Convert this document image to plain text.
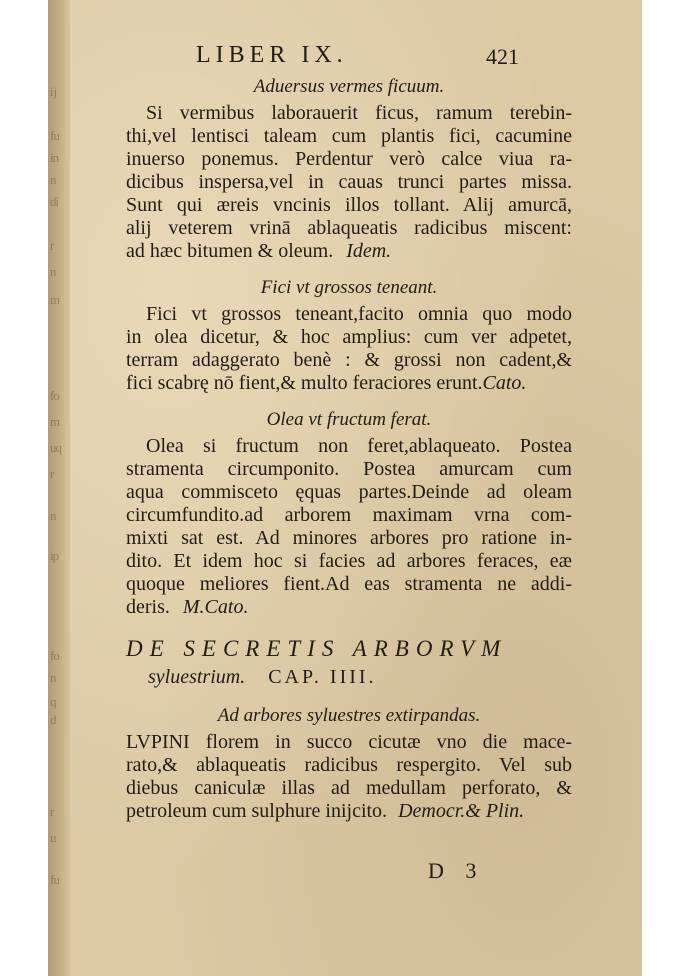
ĳ
fu
in
n
di
r
n
m
fo
m
uq
r
n
ip
fo
n
q
d
r
u
fu
LIBER IX.	421
Aduersus vermes ficuum.
Si vermibus laborauerit ficus, ramum terebin-
thi,vel lentisci taleam cum plantis fici, cacumine
inuerso ponemus. Perdentur verò calce viua ra-
dicibus inspersa,vel in cauas trunci partes missa.
Sunt qui æreis vncinis illos tollant. Alij amurcā,
alij veterem vrinā ablaqueatis radicibus miscent:
ad hæc bitumen & oleum. Idem.
Fici vt grossos teneant.
Fici vt grossos teneant,facito omnia quo modo
in olea dicetur, & hoc amplius: cum ver adpetet,
terram adaggerato benè : & grossi non cadent,&
fici scabrę nō fient,& multo feraciores erunt.Cato.
Olea vt fructum ferat.
Olea si fructum non feret,ablaqueato. Postea
stramenta circumponito. Postea amurcam cum
aqua commisceto ęquas partes.Deinde ad oleam
circumfundito.ad arborem maximam vrna com-
mixti sat est. Ad minores arbores pro ratione in-
dito. Et idem hoc si facies ad arbores feraces, eæ
quoque meliores fient.Ad eas stramenta ne addi-
deris. M.Cato.
DE SECRETIS ARBORVM
syluestrium. CAP. IIII.
Ad arbores syluestres extirpandas.
LVPINI florem in succo cicutæ vno die mace-
rato,& ablaqueatis radicibus respergito. Vel sub
diebus caniculæ illas ad medullam perforato, &
petroleum cum sulphure inijcito. Democr.& Plin.
D 3
